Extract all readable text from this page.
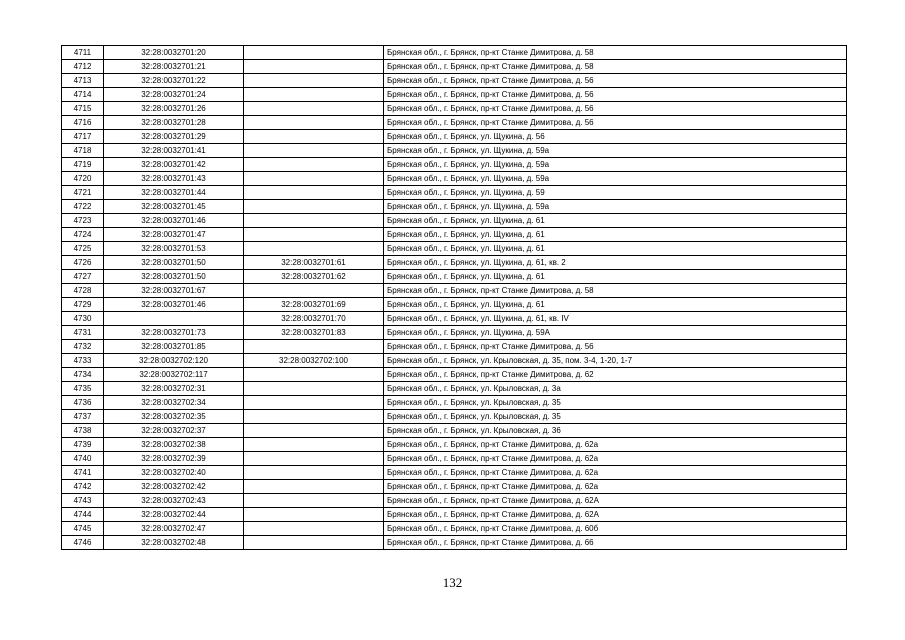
4711	32:28:0032701:20		Брянская обл., г. Брянск, пр-кт Станке Димитрова, д. 58
4712	32:28:0032701:21		Брянская обл., г. Брянск, пр-кт Станке Димитрова, д. 58
4713	32:28:0032701:22		Брянская обл., г. Брянск, пр-кт Станке Димитрова, д. 56
4714	32:28:0032701:24		Брянская обл., г. Брянск, пр-кт Станке Димитрова, д. 56
4715	32:28:0032701:26		Брянская обл., г. Брянск, пр-кт Станке Димитрова, д. 56
4716	32:28:0032701:28		Брянская обл., г. Брянск, пр-кт Станке Димитрова, д. 56
4717	32:28:0032701:29		Брянская обл., г. Брянск, ул. Щукина, д. 56
4718	32:28:0032701:41		Брянская обл., г. Брянск, ул. Щукина, д. 59а
4719	32:28:0032701:42		Брянская обл., г. Брянск, ул. Щукина, д. 59а
4720	32:28:0032701:43		Брянская обл., г. Брянск, ул. Щукина, д. 59а
4721	32:28:0032701:44		Брянская обл., г. Брянск, ул. Щукина, д. 59
4722	32:28:0032701:45		Брянская обл., г. Брянск, ул. Щукина, д. 59а
4723	32:28:0032701:46		Брянская обл., г. Брянск, ул. Щукина, д. 61
4724	32:28:0032701:47		Брянская обл., г. Брянск, ул. Щукина, д. 61
4725	32:28:0032701:53		Брянская обл., г. Брянск, ул. Щукина, д. 61
4726	32:28:0032701:50	32:28:0032701:61	Брянская обл., г. Брянск, ул. Щукина, д. 61, кв. 2
4727	32:28:0032701:50	32:28:0032701:62	Брянская обл., г. Брянск, ул. Щукина, д. 61
4728	32:28:0032701:67		Брянская обл., г. Брянск, пр-кт Станке Димитрова, д. 58
4729	32:28:0032701:46	32:28:0032701:69	Брянская обл., г. Брянск, ул. Щукина, д. 61
4730		32:28:0032701:70	Брянская обл., г. Брянск, ул. Щукина, д. 61, кв. IV
4731	32:28:0032701:73	32:28:0032701:83	Брянская обл., г. Брянск, ул. Щукина, д. 59А
4732	32:28:0032701:85		Брянская обл., г. Брянск, пр-кт Станке Димитрова, д. 56
4733	32:28:0032702:120	32:28:0032702:100	Брянская обл., г. Брянск, ул. Крыловская, д. 35, пом. 3-4, 1-20, 1-7
4734	32:28:0032702:117		Брянская обл., г. Брянск, пр-кт Станке Димитрова, д. 62
4735	32:28:0032702:31		Брянская обл., г. Брянск, ул. Крыловская, д. 3а
4736	32:28:0032702:34		Брянская обл., г. Брянск, ул. Крыловская, д. 35
4737	32:28:0032702:35		Брянская обл., г. Брянск, ул. Крыловская, д. 35
4738	32:28:0032702:37		Брянская обл., г. Брянск, ул. Крыловская, д. 36
4739	32:28:0032702:38		Брянская обл., г. Брянск, пр-кт Станке Димитрова, д. 62а
4740	32:28:0032702:39		Брянская обл., г. Брянск, пр-кт Станке Димитрова, д. 62а
4741	32:28:0032702:40		Брянская обл., г. Брянск, пр-кт Станке Димитрова, д. 62а
4742	32:28:0032702:42		Брянская обл., г. Брянск, пр-кт Станке Димитрова, д. 62а
4743	32:28:0032702:43		Брянская обл., г. Брянск, пр-кт Станке Димитрова, д. 62А
4744	32:28:0032702:44		Брянская обл., г. Брянск, пр-кт Станке Димитрова, д. 62А
4745	32:28:0032702:47		Брянская обл., г. Брянск, пр-кт Станке Димитрова, д. 60б
4746	32:28:0032702:48		Брянская обл., г. Брянск, пр-кт Станке Димитрова, д. 66
132
